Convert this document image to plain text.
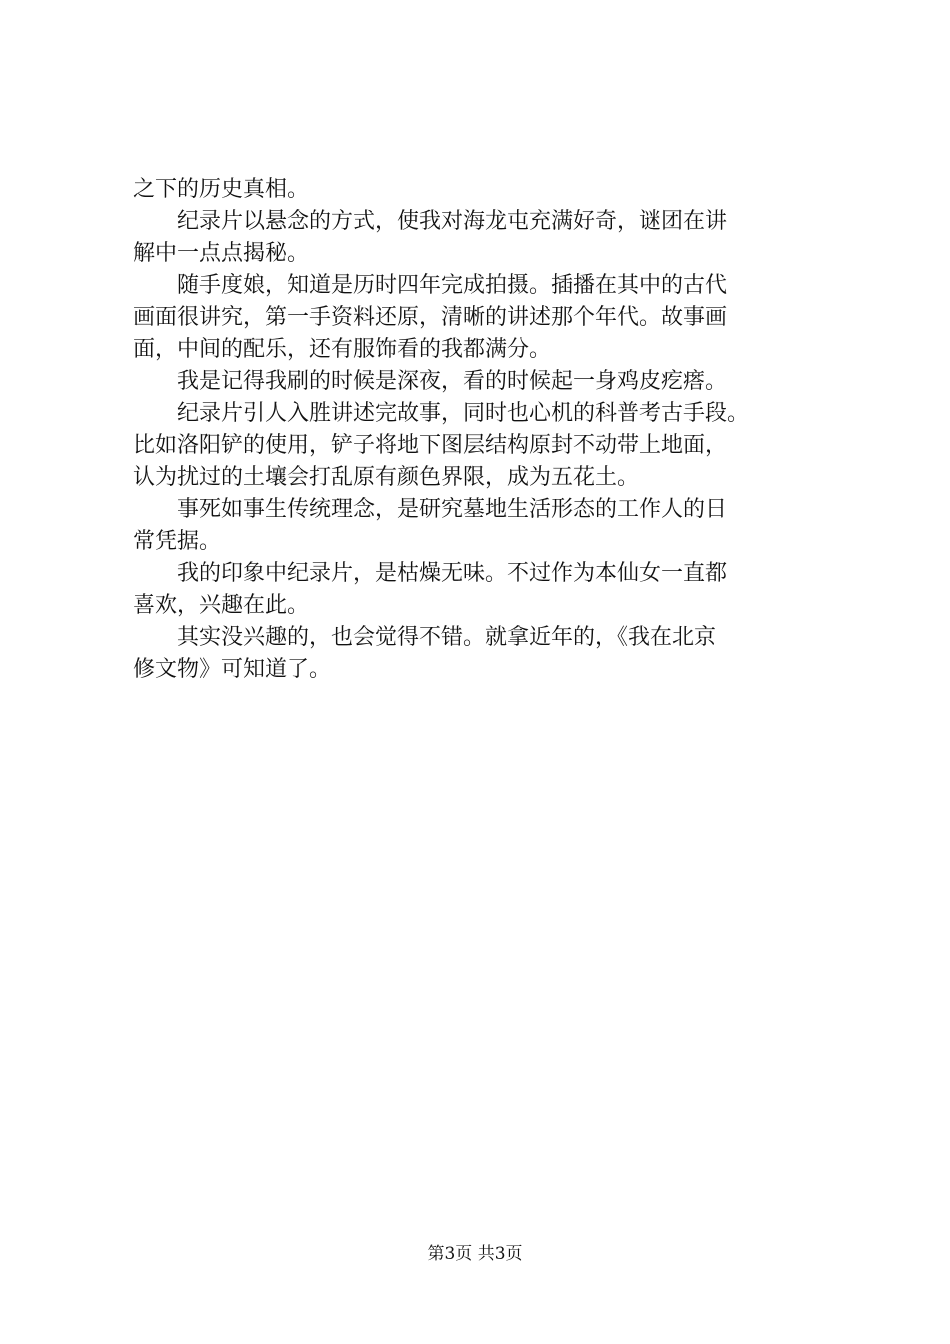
之下的历史真相。
　　纪录片以悬念的方式，使我对海龙屯充满好奇，谜团在讲
解中一点点揭秘。
　　随手度娘，知道是历时四年完成拍摄。插播在其中的古代
画面很讲究，第一手资料还原，清晰的讲述那个年代。故事画
面，中间的配乐，还有服饰看的我都满分。
　　我是记得我刷的时候是深夜，看的时候起一身鸡皮疙瘩。
　　纪录片引人入胜讲述完故事，同时也心机的科普考古手段。
比如洛阳铲的使用，铲子将地下图层结构原封不动带上地面，
认为扰过的土壤会打乱原有颜色界限，成为五花土。
　　事死如事生传统理念，是研究墓地生活形态的工作人的日
常凭据。
　　我的印象中纪录片，是枯燥无味。不过作为本仙女一直都
喜欢，兴趣在此。
　　其实没兴趣的，也会觉得不错。就拿近年的，《我在北京
修文物》可知道了。
第3页 共3页
